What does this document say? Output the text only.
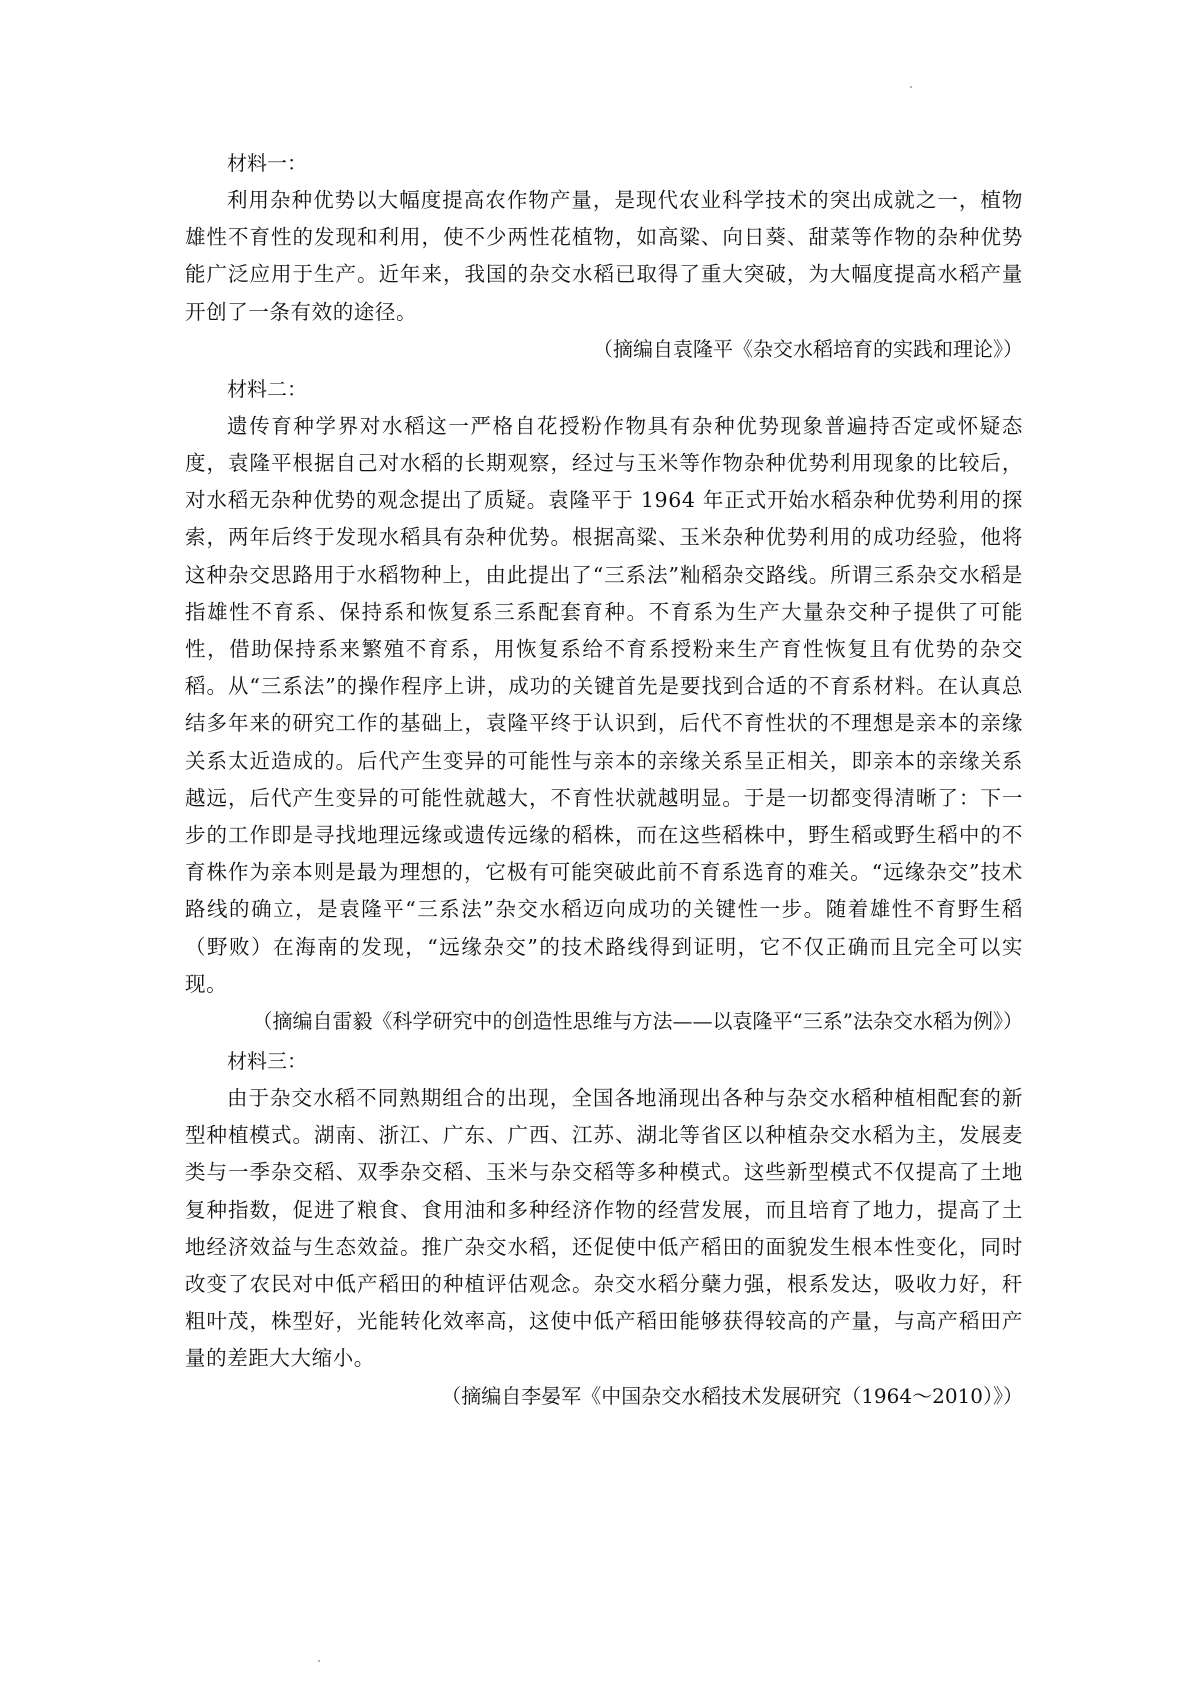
材料一：

利用杂种优势以大幅度提高农作物产量，是现代农业科学技术的突出成就之一，植物雄性不育性的发现和利用，使不少两性花植物，如高粱、向日葵、甜菜等作物的杂种优势能广泛应用于生产。近年来，我国的杂交水稻已取得了重大突破，为大幅度提高水稻产量开创了一条有效的途径。

（摘编自袁隆平《杂交水稻培育的实践和理论》）

材料二：

遗传育种学界对水稻这一严格自花授粉作物具有杂种优势现象普遍持否定或怀疑态度，袁隆平根据自己对水稻的长期观察，经过与玉米等作物杂种优势利用现象的比较后，对水稻无杂种优势的观念提出了质疑。袁隆平于 1964 年正式开始水稻杂种优势利用的探索，两年后终于发现水稻具有杂种优势。根据高粱、玉米杂种优势利用的成功经验，他将这种杂交思路用于水稻物种上，由此提出了“三系法”籼稻杂交路线。所谓三系杂交水稻是指雄性不育系、保持系和恢复系三系配套育种。不育系为生产大量杂交种子提供了可能性，借助保持系来繁殖不育系，用恢复系给不育系授粉来生产育性恢复且有优势的杂交稻。从“三系法”的操作程序上讲，成功的关键首先是要找到合适的不育系材料。在认真总结多年来的研究工作的基础上，袁隆平终于认识到，后代不育性状的不理想是亲本的亲缘关系太近造成的。后代产生变异的可能性与亲本的亲缘关系呈正相关，即亲本的亲缘关系越远，后代产生变异的可能性就越大，不育性状就越明显。于是一切都变得清晰了：下一步的工作即是寻找地理远缘或遗传远缘的稻株，而在这些稻株中，野生稻或野生稻中的不育株作为亲本则是最为理想的，它极有可能突破此前不育系选育的难关。“远缘杂交”技术路线的确立，是袁隆平“三系法”杂交水稻迈向成功的关键性一步。随着雄性不育野生稻（野败）在海南的发现，“远缘杂交”的技术路线得到证明，它不仅正确而且完全可以实现。

（摘编自雷毅《科学研究中的创造性思维与方法——以袁隆平“三系”法杂交水稻为例》）

材料三：

由于杂交水稻不同熟期组合的出现，全国各地涌现出各种与杂交水稻种植相配套的新型种植模式。湖南、浙江、广东、广西、江苏、湖北等省区以种植杂交水稻为主，发展麦类与一季杂交稻、双季杂交稻、玉米与杂交稻等多种模式。这些新型模式不仅提高了土地复种指数，促进了粮食、食用油和多种经济作物的经营发展，而且培育了地力，提高了土地经济效益与生态效益。推广杂交水稻，还促使中低产稻田的面貌发生根本性变化，同时改变了农民对中低产稻田的种植评估观念。杂交水稻分蘖力强，根系发达，吸收力好，秆粗叶茂，株型好，光能转化效率高，这使中低产稻田能够获得较高的产量，与高产稻田产量的差距大大缩小。

（摘编自李晏军《中国杂交水稻技术发展研究（1964～2010）》）
